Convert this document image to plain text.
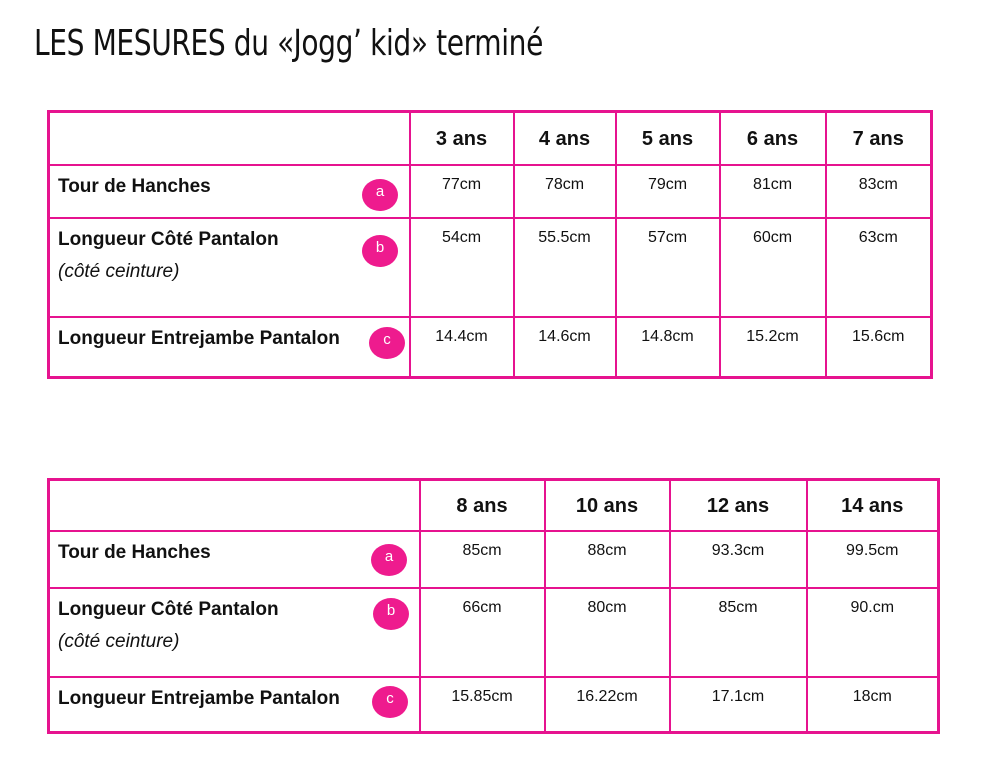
LES MESURES du «Jogg’ kid» terminé
	3 ans	4 ans	5 ans	6 ans	7 ans

Tour de Hanches a	77cm	78cm	79cm	81cm	83cm

Longueur Côté Pantalon
(côté ceinture)
b	54cm	55.5cm	57cm	60cm	63cm

Longueur Entrejambe Pantalon c	14.4cm	14.6cm	14.8cm	15.2cm	15.6cm
	8 ans	10 ans	12 ans	14 ans

Tour de Hanches a	85cm	88cm	93.3cm	99.5cm

Longueur Côté Pantalon
(côté ceinture)
b	66cm	80cm	85cm	90.cm

Longueur Entrejambe Pantalon c	15.85cm	16.22cm	17.1cm	18cm
